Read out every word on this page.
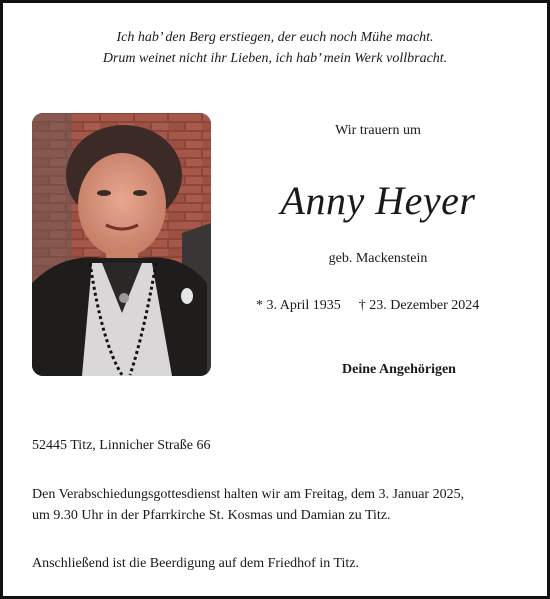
Ich hab’ den Berg erstiegen, der euch noch Mühe macht.
Drum weinet nicht ihr Lieben, ich hab’ mein Werk vollbracht.
Wir trauern um
Anny Heyer
geb. Mackenstein
* 3. April 1935 † 23. Dezember 2024
Deine Angehörigen
52445 Titz, Linnicher Straße 66
Den Verabschiedungsgottesdienst halten wir am Freitag, dem 3. Januar 2025,
um 9.30 Uhr in der Pfarrkirche St. Kosmas und Damian zu Titz.
Anschließend ist die Beerdigung auf dem Friedhof in Titz.
